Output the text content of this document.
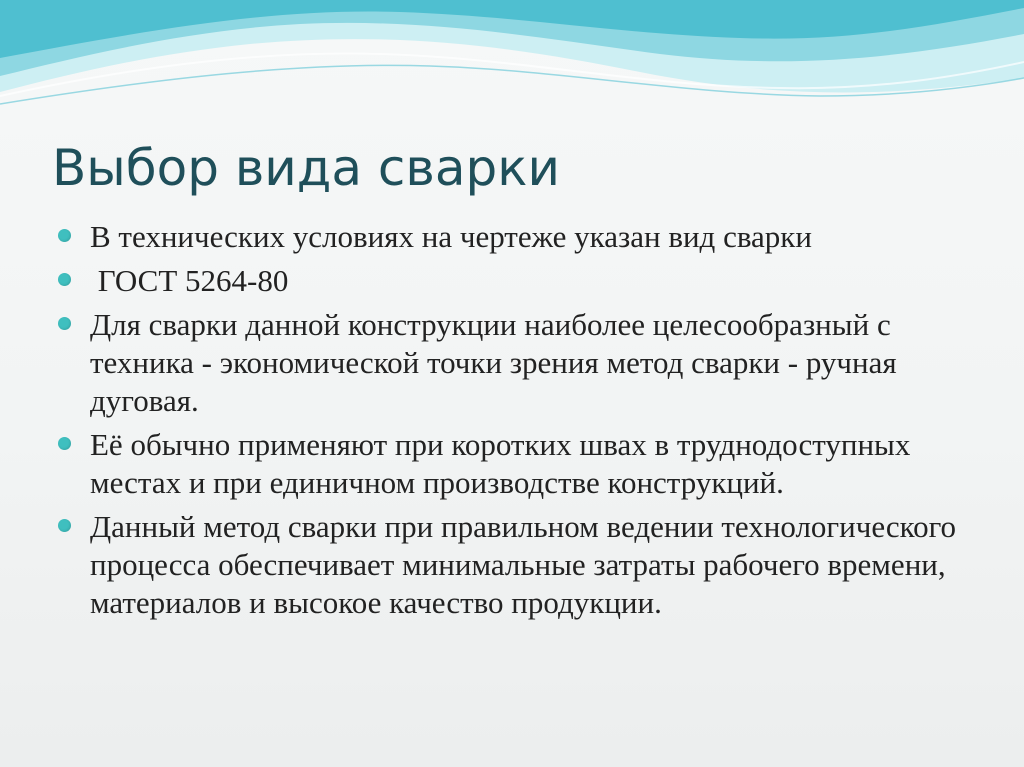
Выбор вида сварки
В технических условиях на чертеже указан вид сварки
ГОСТ 5264-80
Для сварки данной конструкции наиболее целесообразный с техника - экономической точки зрения метод сварки - ручная дуговая.
Её обычно применяют при коротких швах в труднодоступных местах и при единичном производстве конструкций.
Данный метод сварки при правильном ведении технологического процесса обеспечивает минимальные затраты рабочего времени, материалов и высокое качество продукции.
